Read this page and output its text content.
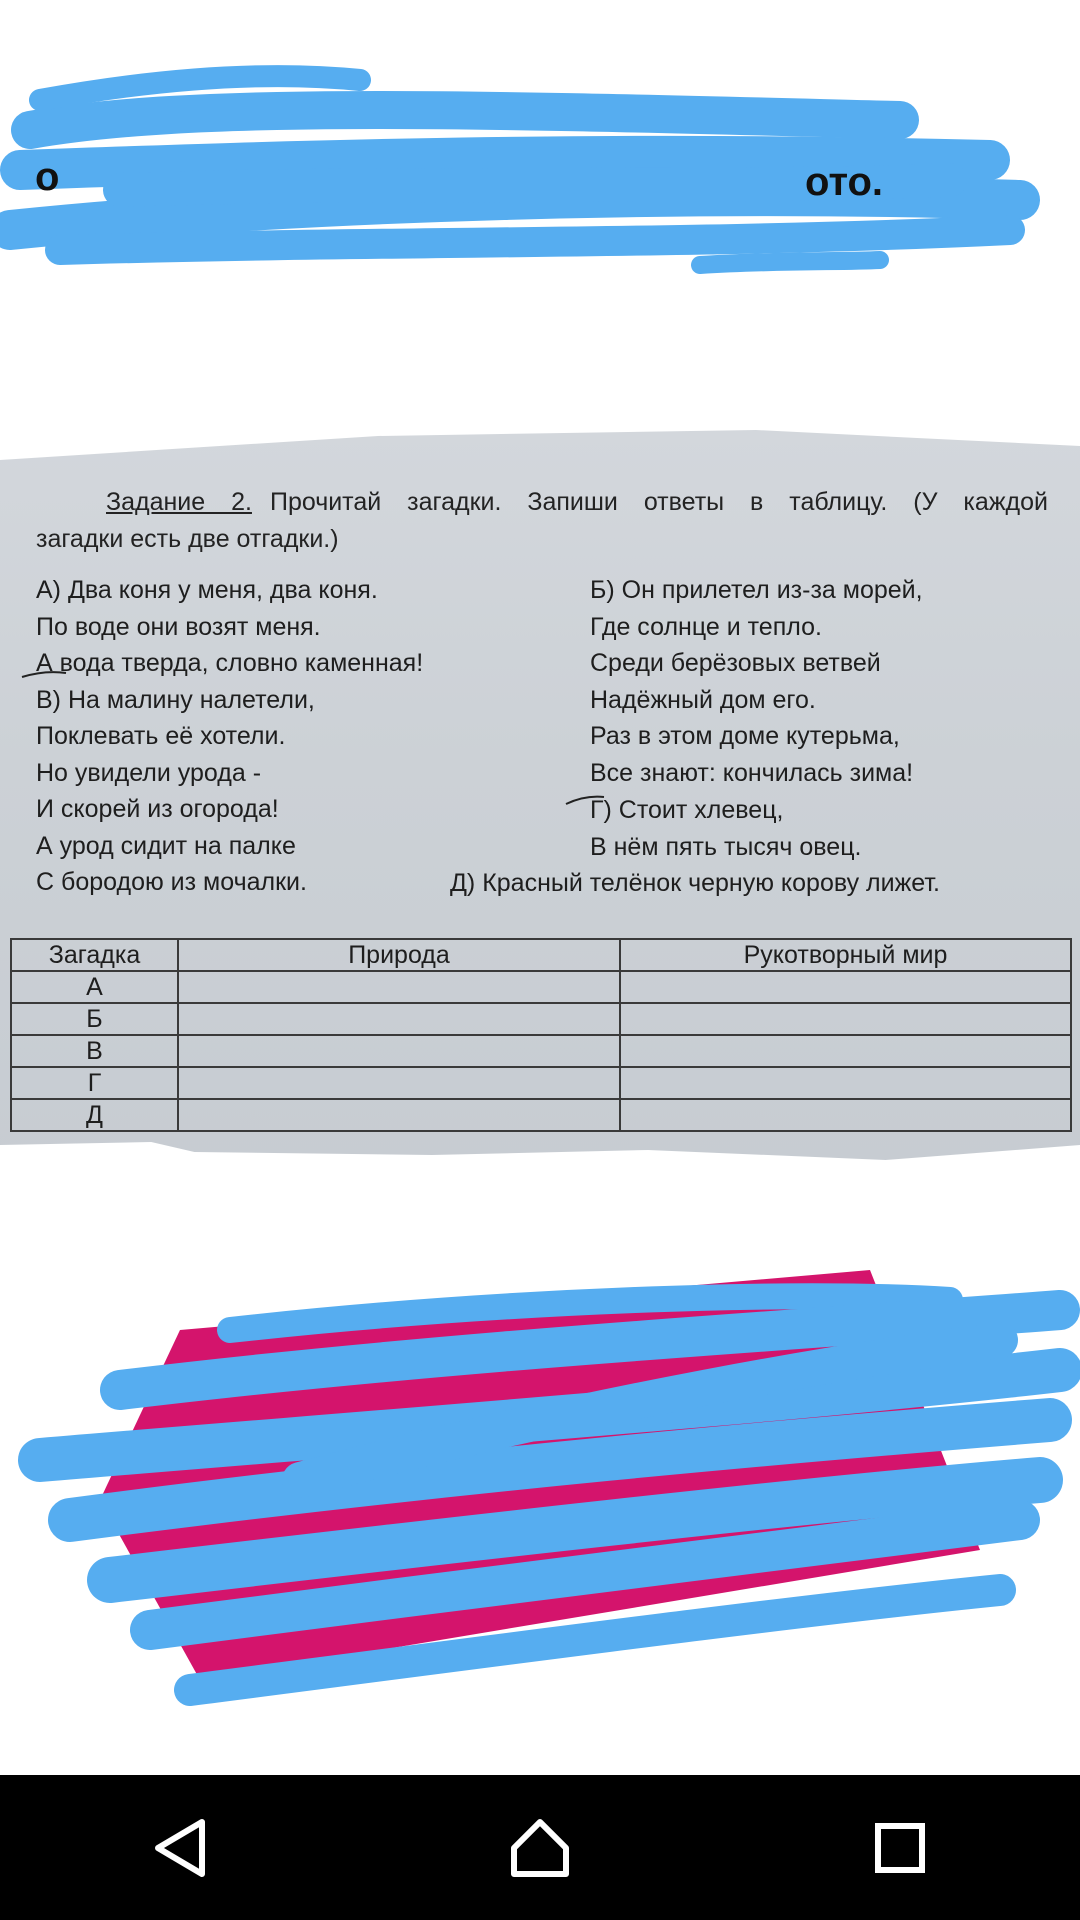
о	ото.
Задание 2. Прочитай загадки. Запиши ответы в таблицу. (У каждой
загадки есть две отгадки.)
А) Два коня у меня, два коня.
По воде они возят меня.
А вода тверда, словно каменная!
В) На малину налетели,
Поклевать её хотели.
Но увидели урода -
И скорей из огорода!
А урод сидит на палке
С бородою из мочалки.
Б) Он прилетел из-за морей,
Где солнце и тепло.
Среди берёзовых ветвей
Надёжный дом его.
Раз в этом доме кутерьма,
Все знают: кончилась зима!
Г) Стоит хлевец,
В нём пять тысяч овец.
Д) Красный телёнок черную корову лижет.
Загадка	Природа	Рукотворный мир
А		
Б		
В		
Г		
Д		
